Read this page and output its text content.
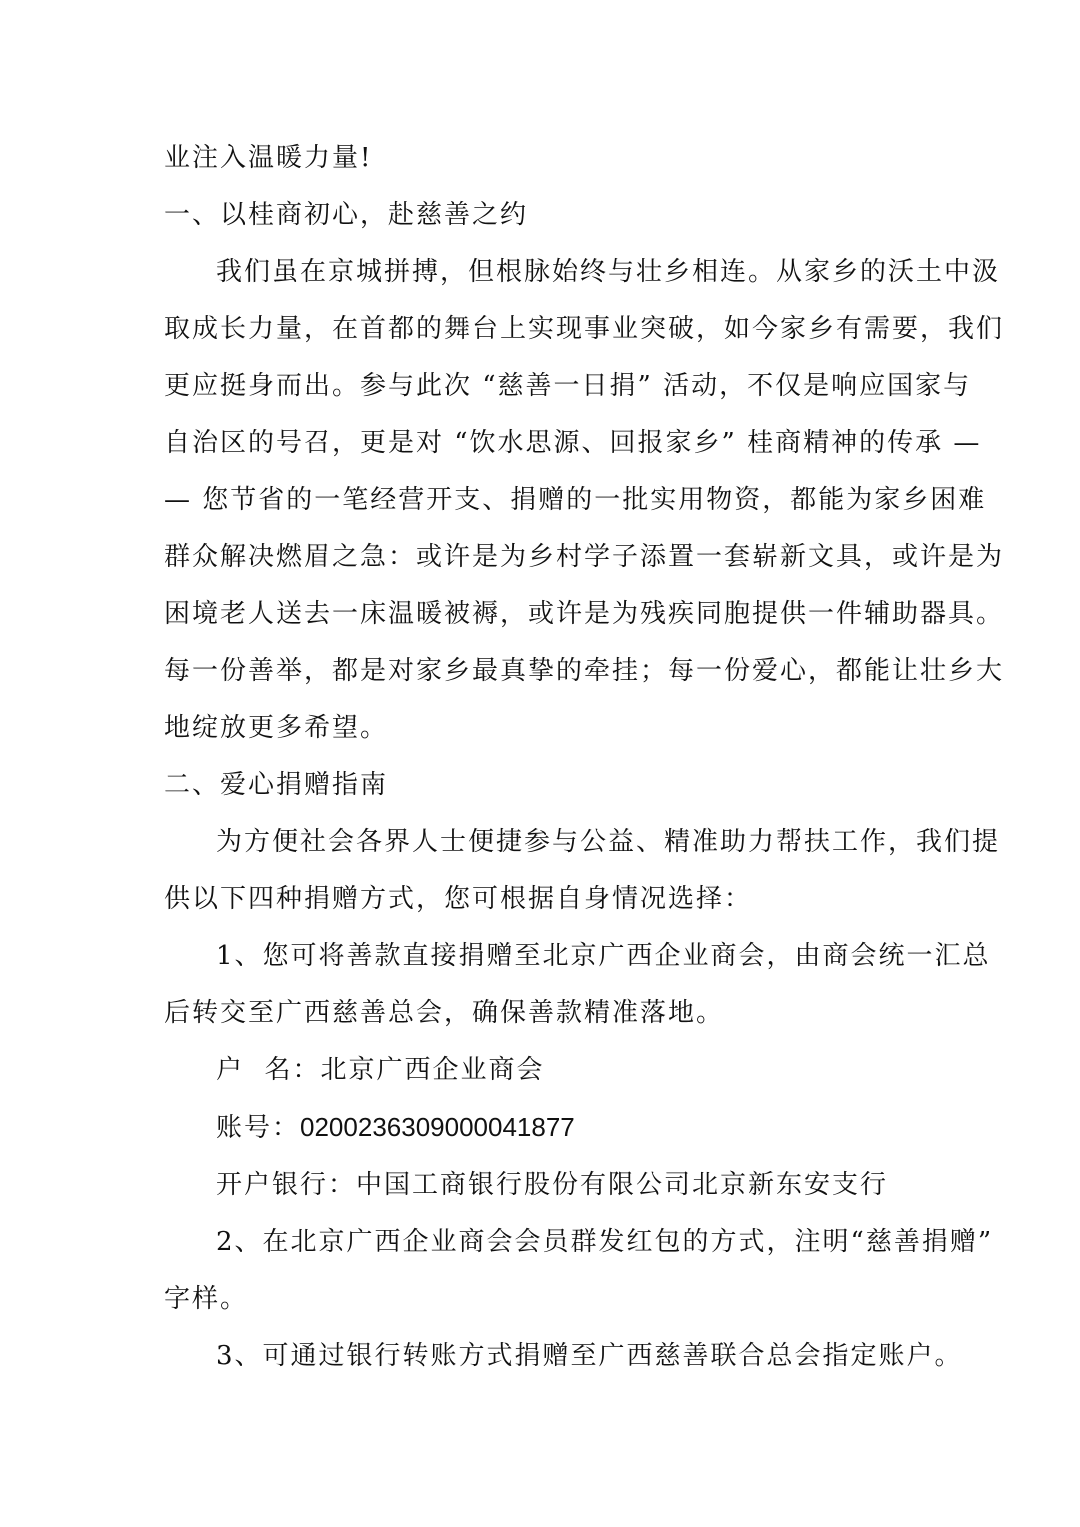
业注入温暖力量!

一、以桂商初心，赴慈善之约

我们虽在京城拼搏，但根脉始终与壮乡相连。从家乡的沃土中汲

取成长力量，在首都的舞台上实现事业突破，如今家乡有需要，我们

更应挺身而出。参与此次 “慈善一日捐” 活动，不仅是响应国家与

自治区的号召，更是对 “饮水思源、回报家乡” 桂商精神的传承 —

— 您节省的一笔经营开支、捐赠的一批实用物资，都能为家乡困难

群众解决燃眉之急：或许是为乡村学子添置一套崭新文具，或许是为

困境老人送去一床温暖被褥，或许是为残疾同胞提供一件辅助器具。

每一份善举，都是对家乡最真挚的牵挂；每一份爱心，都能让壮乡大

地绽放更多希望。

二、爱心捐赠指南

为方便社会各界人士便捷参与公益、精准助力帮扶工作，我们提

供以下四种捐赠方式，您可根据自身情况选择：

1、您可将善款直接捐赠至北京广西企业商会，由商会统一汇总

后转交至广西慈善总会，确保善款精准落地。

户  名：北京广西企业商会

账号：0200236309000041877

开户银行：中国工商银行股份有限公司北京新东安支行

2、在北京广西企业商会会员群发红包的方式，注明“慈善捐赠”

字样。

3、可通过银行转账方式捐赠至广西慈善联合总会指定账户。
